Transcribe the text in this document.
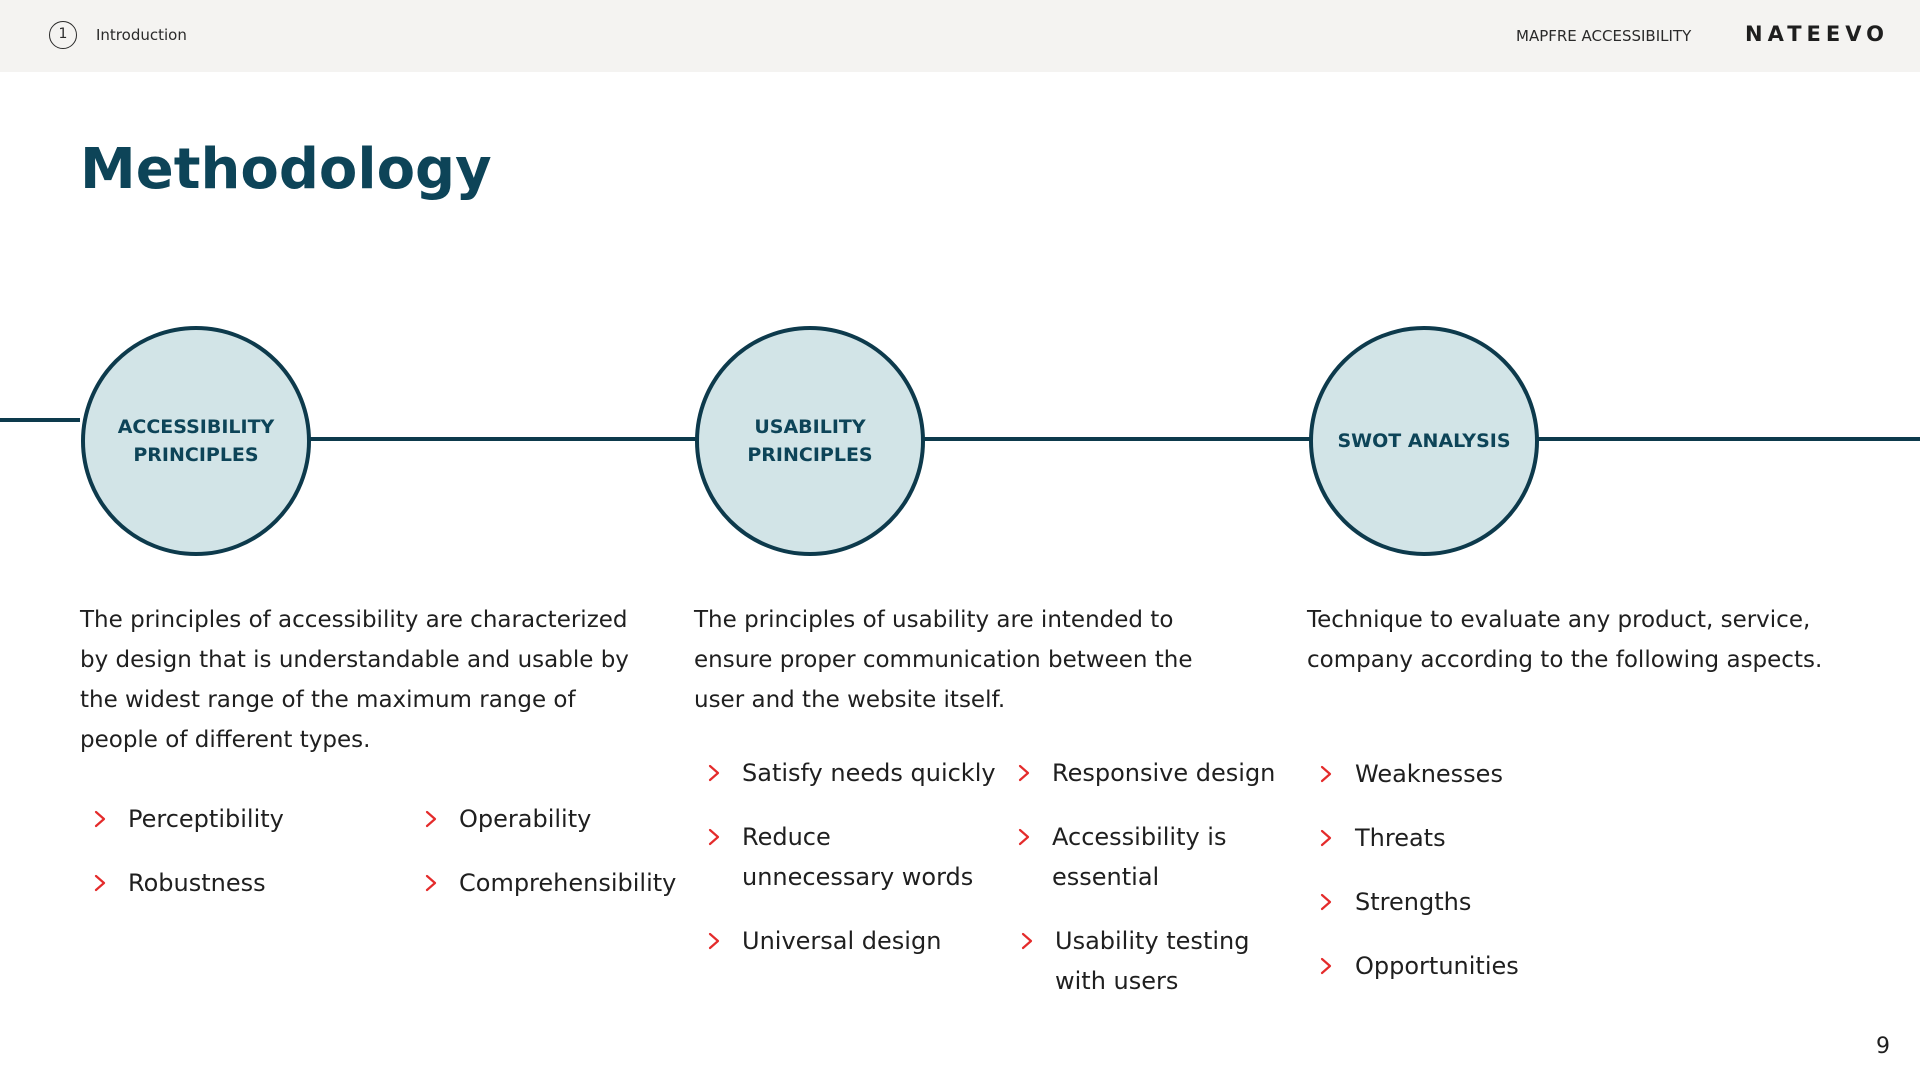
1	Introduction	MAPFRE ACCESSIBILITY	NATEEVO
Methodology
ACCESSIBILITY
PRINCIPLES
USABILITY
PRINCIPLES
SWOT ANALYSIS

The principles of accessibility are characterized by design that is understandable and usable by the widest range of the maximum range of people of different types.

The principles of usability are intended to ensure proper communication between the user and the website itself.

Technique to evaluate any product, service, company according to the following aspects.

Perceptibility	Operability
Robustness	Comprehensibility
Satisfy needs quickly	Responsive design
Reduce unnecessary words
Accessibility is essential
Universal design	Usability testing with users
Weaknesses
Threats
Strengths
Opportunities
9
